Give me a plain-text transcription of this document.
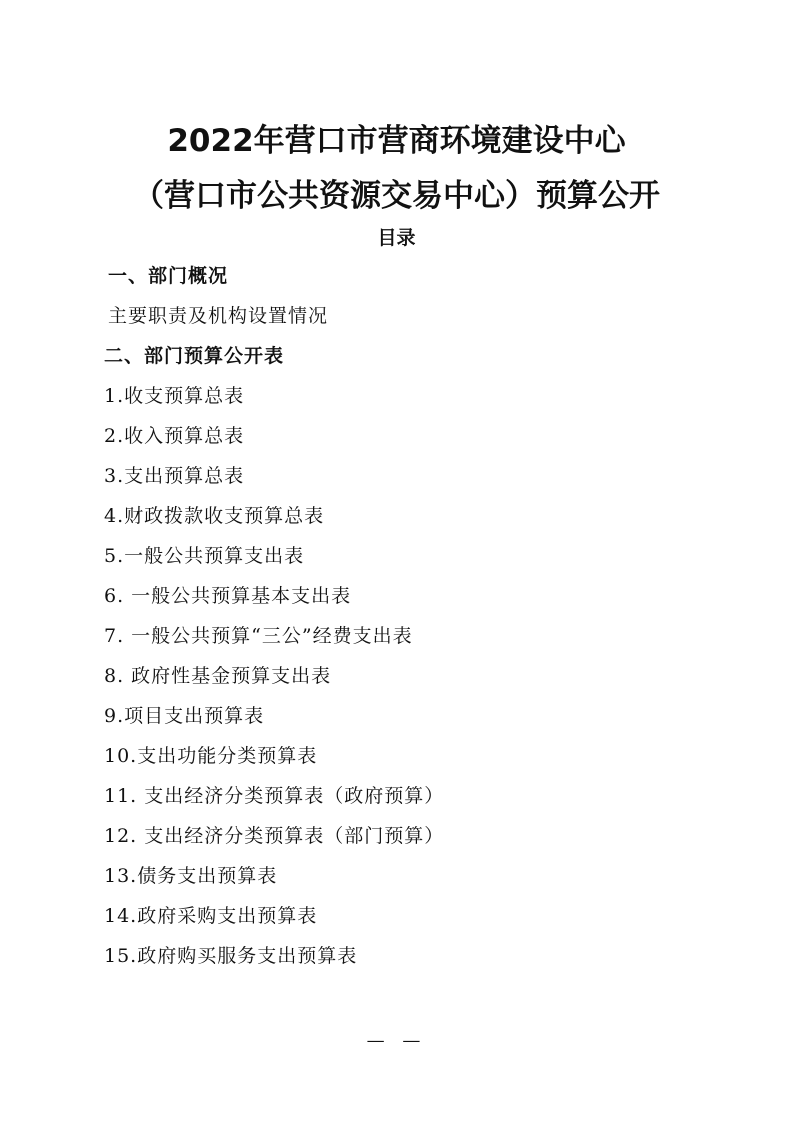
2022年营口市营商环境建设中心
（营口市公共资源交易中心）预算公开
目录
一、部门概况
主要职责及机构设置情况
二、部门预算公开表
1.收支预算总表
2.收入预算总表
3.支出预算总表
4.财政拨款收支预算总表
5.一般公共预算支出表
6. 一般公共预算基本支出表
7. 一般公共预算“三公”经费支出表
8. 政府性基金预算支出表
9.项目支出预算表
10.支出功能分类预算表
11. 支出经济分类预算表（政府预算）
12. 支出经济分类预算表（部门预算）
13.债务支出预算表
14.政府采购支出预算表
15.政府购买服务支出预算表
— —
